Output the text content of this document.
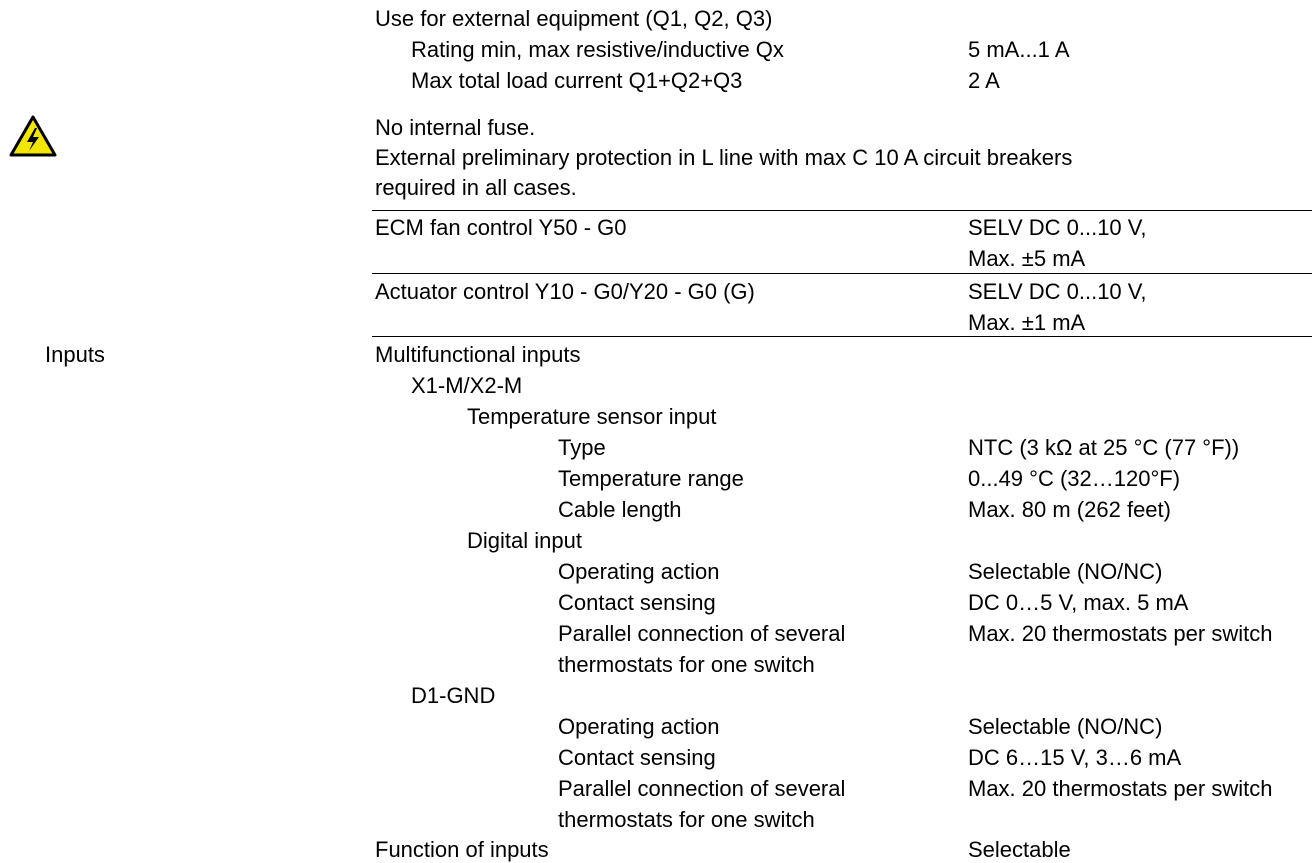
Use for external equipment (Q1, Q2, Q3)
Rating min, max resistive/inductive Qx	5 mA...1 A
Max total load current Q1+Q2+Q3	2 A
No internal fuse.
External preliminary protection in L line with max C 10 A circuit breakers
required in all cases.
ECM fan control Y50 - G0	SELV DC 0...10 V,
Max. ±5 mA
Actuator control Y10 - G0/Y20 - G0 (G)	SELV DC 0...10 V,
Max. ±1 mA
Inputs	Multifunctional inputs
X1-M/X2-M
Temperature sensor input
Type	NTC (3 kΩ at 25 °C (77 °F))
Temperature range	0...49 °C (32…120°F)
Cable length	Max. 80 m (262 feet)
Digital input
Operating action	Selectable (NO/NC)
Contact sensing	DC 0…5 V, max. 5 mA
Parallel connection of several	Max. 20 thermostats per switch
thermostats for one switch
D1-GND
Operating action	Selectable (NO/NC)
Contact sensing	DC 6…15 V, 3…6 mA
Parallel connection of several	Max. 20 thermostats per switch
thermostats for one switch
Function of inputs	Selectable
